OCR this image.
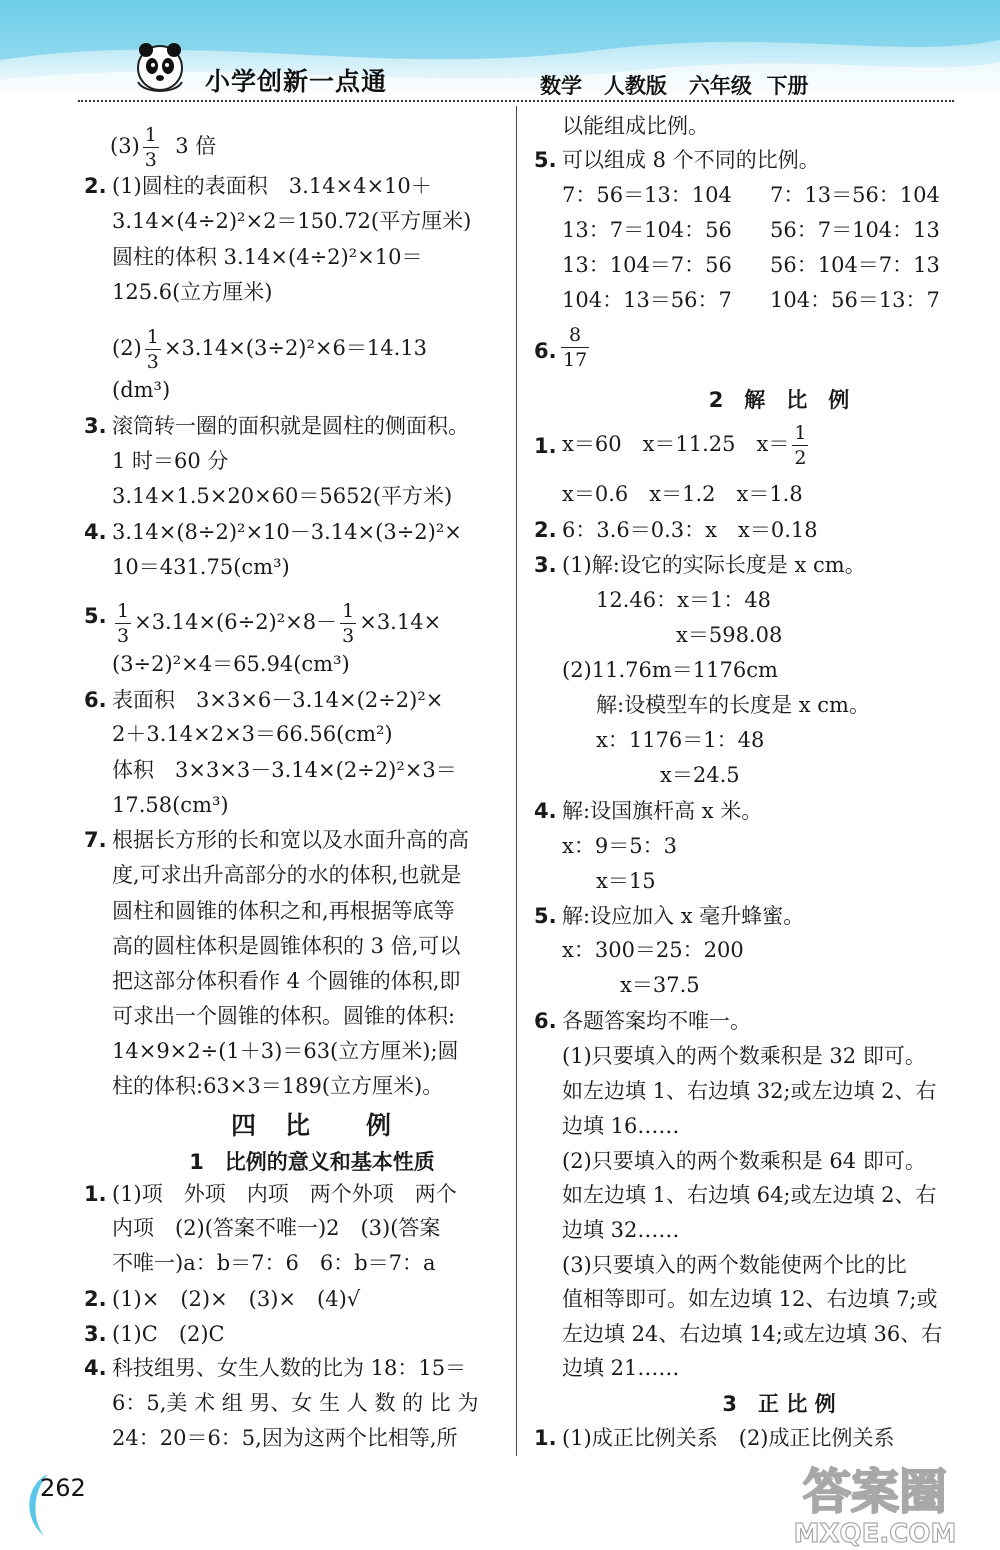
小学创新一点通	数学   人教版   六年级  下册
$(3) \frac{1}{3} 3$ 倍
2. (1)圆柱的表面积　3.14×4×10＋
3.14×(4÷2)²×2＝150.72(平方厘米)
圆柱的体积 3.14×(4÷2)²×10＝
125.6(立方厘米)
$(2) \frac{1}{3} \times 3.14\times(3\div 2)^2\times 6=14.13$
(dm³)
3. 滚筒转一圈的面积就是圆柱的侧面积。
1 时＝60 分
3.14×1.5×20×60＝5652(平方米)
4. 3.14×(8÷2)²×10－3.14×(3÷2)²×
10＝431.75(cm³)
5. $\frac{1}{3} \times 3.14\times(6\div 2)^2\times 8- \frac{1}{3} \times 3.14\times$
(3÷2)²×4＝65.94(cm³)
6. 表面积　3×3×6－3.14×(2÷2)²×
2＋3.14×2×3＝66.56(cm²)
体积　3×3×3－3.14×(2÷2)²×3＝
17.58(cm³)
7. 根据长方形的长和宽以及水面升高的高
度,可求出升高部分的水的体积,也就是
圆柱和圆锥的体积之和,再根据等底等
高的圆柱体积是圆锥体积的 3 倍,可以
把这部分体积看作 4 个圆锥的体积,即
可求出一个圆锥的体积。圆锥的体积:
14×9×2÷(1＋3)＝63(立方厘米);圆
柱的体积:63×3＝189(立方厘米)。
四　比　　例
1　比例的意义和基本性质
1. (1)项　外项　内项　两个外项　两个
内项　(2)(答案不唯一)2　(3)(答案
不唯一)a：b＝7：6　6：b＝7：a
2. (1)×　(2)×　(3)×　(4)√
3. (1)C　(2)C
4. 科技组男、女生人数的比为 18：15＝
6：5,美 术 组 男、女 生 人 数 的 比 为
24：20＝6：5,因为这两个比相等,所
以能组成比例。
5. 可以组成 8 个不同的比例。
7：56＝13：104 7：13＝56：104
13：7＝104：56 56：7＝104：13
13：104＝7：56 56：104＝7：13
104：13＝56：7 104：56＝13：7
6. $\frac{8}{17}$
2　解　比　例
1. x＝60　x＝11.25　$x= \frac{1}{2}$
x＝0.6　x＝1.2　x＝1.8
2. 6：3.6＝0.3：x　x＝0.18
3. (1)解:设它的实际长度是 x cm。
12.46：x＝1：48
x＝598.08
(2)11.76m＝1176cm
解:设模型车的长度是 x cm。
x：1176＝1：48
x＝24.5
4. 解:设国旗杆高 x 米。
x：9＝5：3
x＝15
5. 解:设应加入 x 毫升蜂蜜。
x：300＝25：200
x＝37.5
6. 各题答案均不唯一。
(1)只要填入的两个数乘积是 32 即可。
如左边填 1、右边填 32;或左边填 2、右
边填 16……
(2)只要填入的两个数乘积是 64 即可。
如左边填 1、右边填 64;或左边填 2、右
边填 32……
(3)只要填入的两个数能使两个比的比
值相等即可。如左边填 12、右边填 7;或
左边填 24、右边填 14;或左边填 36、右
边填 21……
3　正 比 例
1. (1)成正比例关系　(2)成正比例关系
262	答案圈
MXQE.COM
